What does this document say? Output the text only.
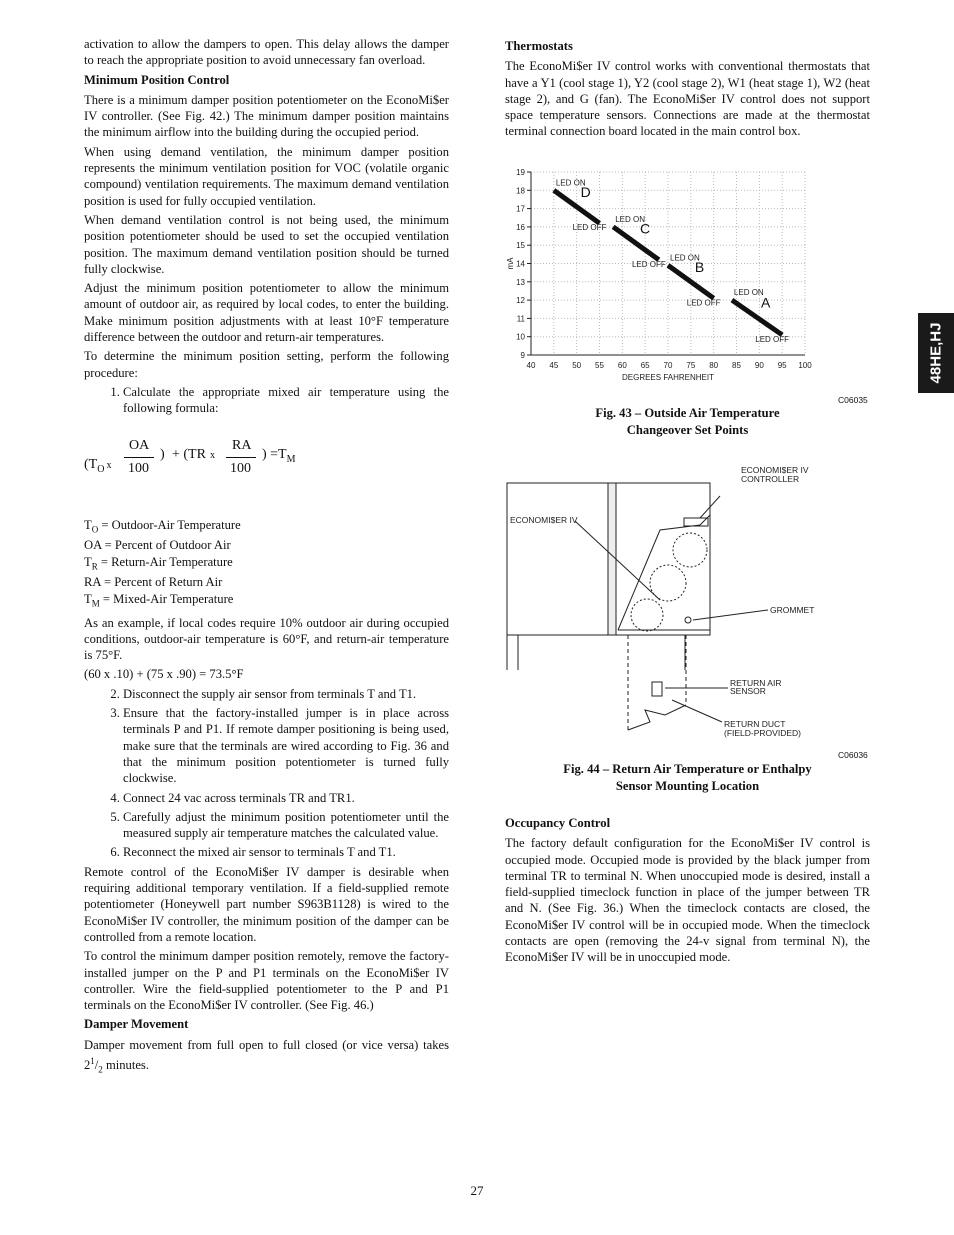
activation to allow the dampers to open. This delay allows the damper to reach the appropriate position to avoid unnecessary fan overload.

Minimum Position Control

There is a minimum damper position potentiometer on the EconoMi$er IV controller. (See Fig. 42.) The minimum damper position maintains the minimum airflow into the building during the occupied period.

When using demand ventilation, the minimum damper position represents the minimum ventilation position for VOC (volatile organic compound) ventilation requirements. The maximum demand ventilation position is used for fully occupied ventilation.

When demand ventilation control is not being used, the minimum position potentiometer should be used to set the occupied ventilation position. The maximum demand ventilation position should be turned fully clockwise.

Adjust the minimum position potentiometer to allow the minimum amount of outdoor air, as required by local codes, to enter the building. Make minimum position adjustments with at least 10°F temperature difference between the outdoor and return-air temperatures.

To determine the minimum position setting, perform the following procedure:

1. Calculate the appropriate mixed air temperature using the following formula:
($T_O$ x
OA
100
) + (TR x
RA
100
) $=T_M$

$T_O$ = Outdoor-Air Temperature

OA = Percent of Outdoor Air

$T_R$ = Return-Air Temperature

RA = Percent of Return Air

$T_M$ = Mixed-Air Temperature

As an example, if local codes require 10% outdoor air during occupied conditions, outdoor-air temperature is 60°F, and return-air temperature is 75°F.

(60 x .10) + (75 x .90) = 73.5°F

2. Disconnect the supply air sensor from terminals T and T1.
3. Ensure that the factory-installed jumper is in place across terminals P and P1. If remote damper positioning is being used, make sure that the terminals are wired according to Fig. 36 and that the minimum position potentiometer is turned fully clockwise.
4. Connect 24 vac across terminals TR and TR1.
5. Carefully adjust the minimum position potentiometer until the measured supply air temperature matches the calculated value.
6. Reconnect the mixed air sensor to terminals T and T1.

Remote control of the EconoMi$er IV damper is desirable when requiring additional temporary ventilation. If a field-supplied remote potentiometer (Honeywell part number S963B1128) is wired to the EconoMi$er IV controller, the minimum position of the damper can be controlled from a remote location.

To control the minimum damper position remotely, remove the factory-installed jumper on the P and P1 terminals on the EconoMi$er IV controller. Wire the field-supplied potentiometer to the P and P1 terminals on the EconoMi$er IV controller. (See Fig. 46.)

Damper Movement

Damper movement from full open to full closed (or vice versa) takes $2^1/_2$ minutes.

Thermostats

The EconoMi$er IV control works with conventional thermostats that have a Y1 (cool stage 1), Y2 (cool stage 2), W1 (heat stage 1), W2 (heat stage 2), and G (fan). The EconoMi$er IV control does not support space temperature sensors. Connections are made at the thermostat terminal connection board located in the main control box.

40 45 50 55 60 65 70 75 80 85 90 95 100
9
10
11
12
13
14
15
16
17
18
19
DEGREES FAHRENHEIT
mA
LED ON
LED OFF
D
LED ON
LED OFF
C
LED ON
LED OFF
B
LED ON
LED OFF
A
C06035
Fig. 43 – Outside Air Temperature
Changeover Set Points
ECONOMI$ER IV
CONTROLLER
ECONOMI$ER IV
GROMMET
RETURN AIR
SENSOR
RETURN DUCT
(FIELD-PROVIDED)
C06036
Fig. 44 – Return Air Temperature or Enthalpy
Sensor Mounting Location
Occupancy Control

The factory default configuration for the EconoMi$er IV control is occupied mode. Occupied mode is provided by the black jumper from terminal TR to terminal N. When unoccupied mode is desired, install a field-supplied timeclock function in place of the jumper between TR and N. (See Fig. 36.) When the timeclock contacts are closed, the EconoMi$er IV control will be in occupied mode. When the timeclock contacts are open (removing the 24-v signal from terminal N), the EconoMi$er IV will be in unoccupied mode.

48HE,HJ
27
